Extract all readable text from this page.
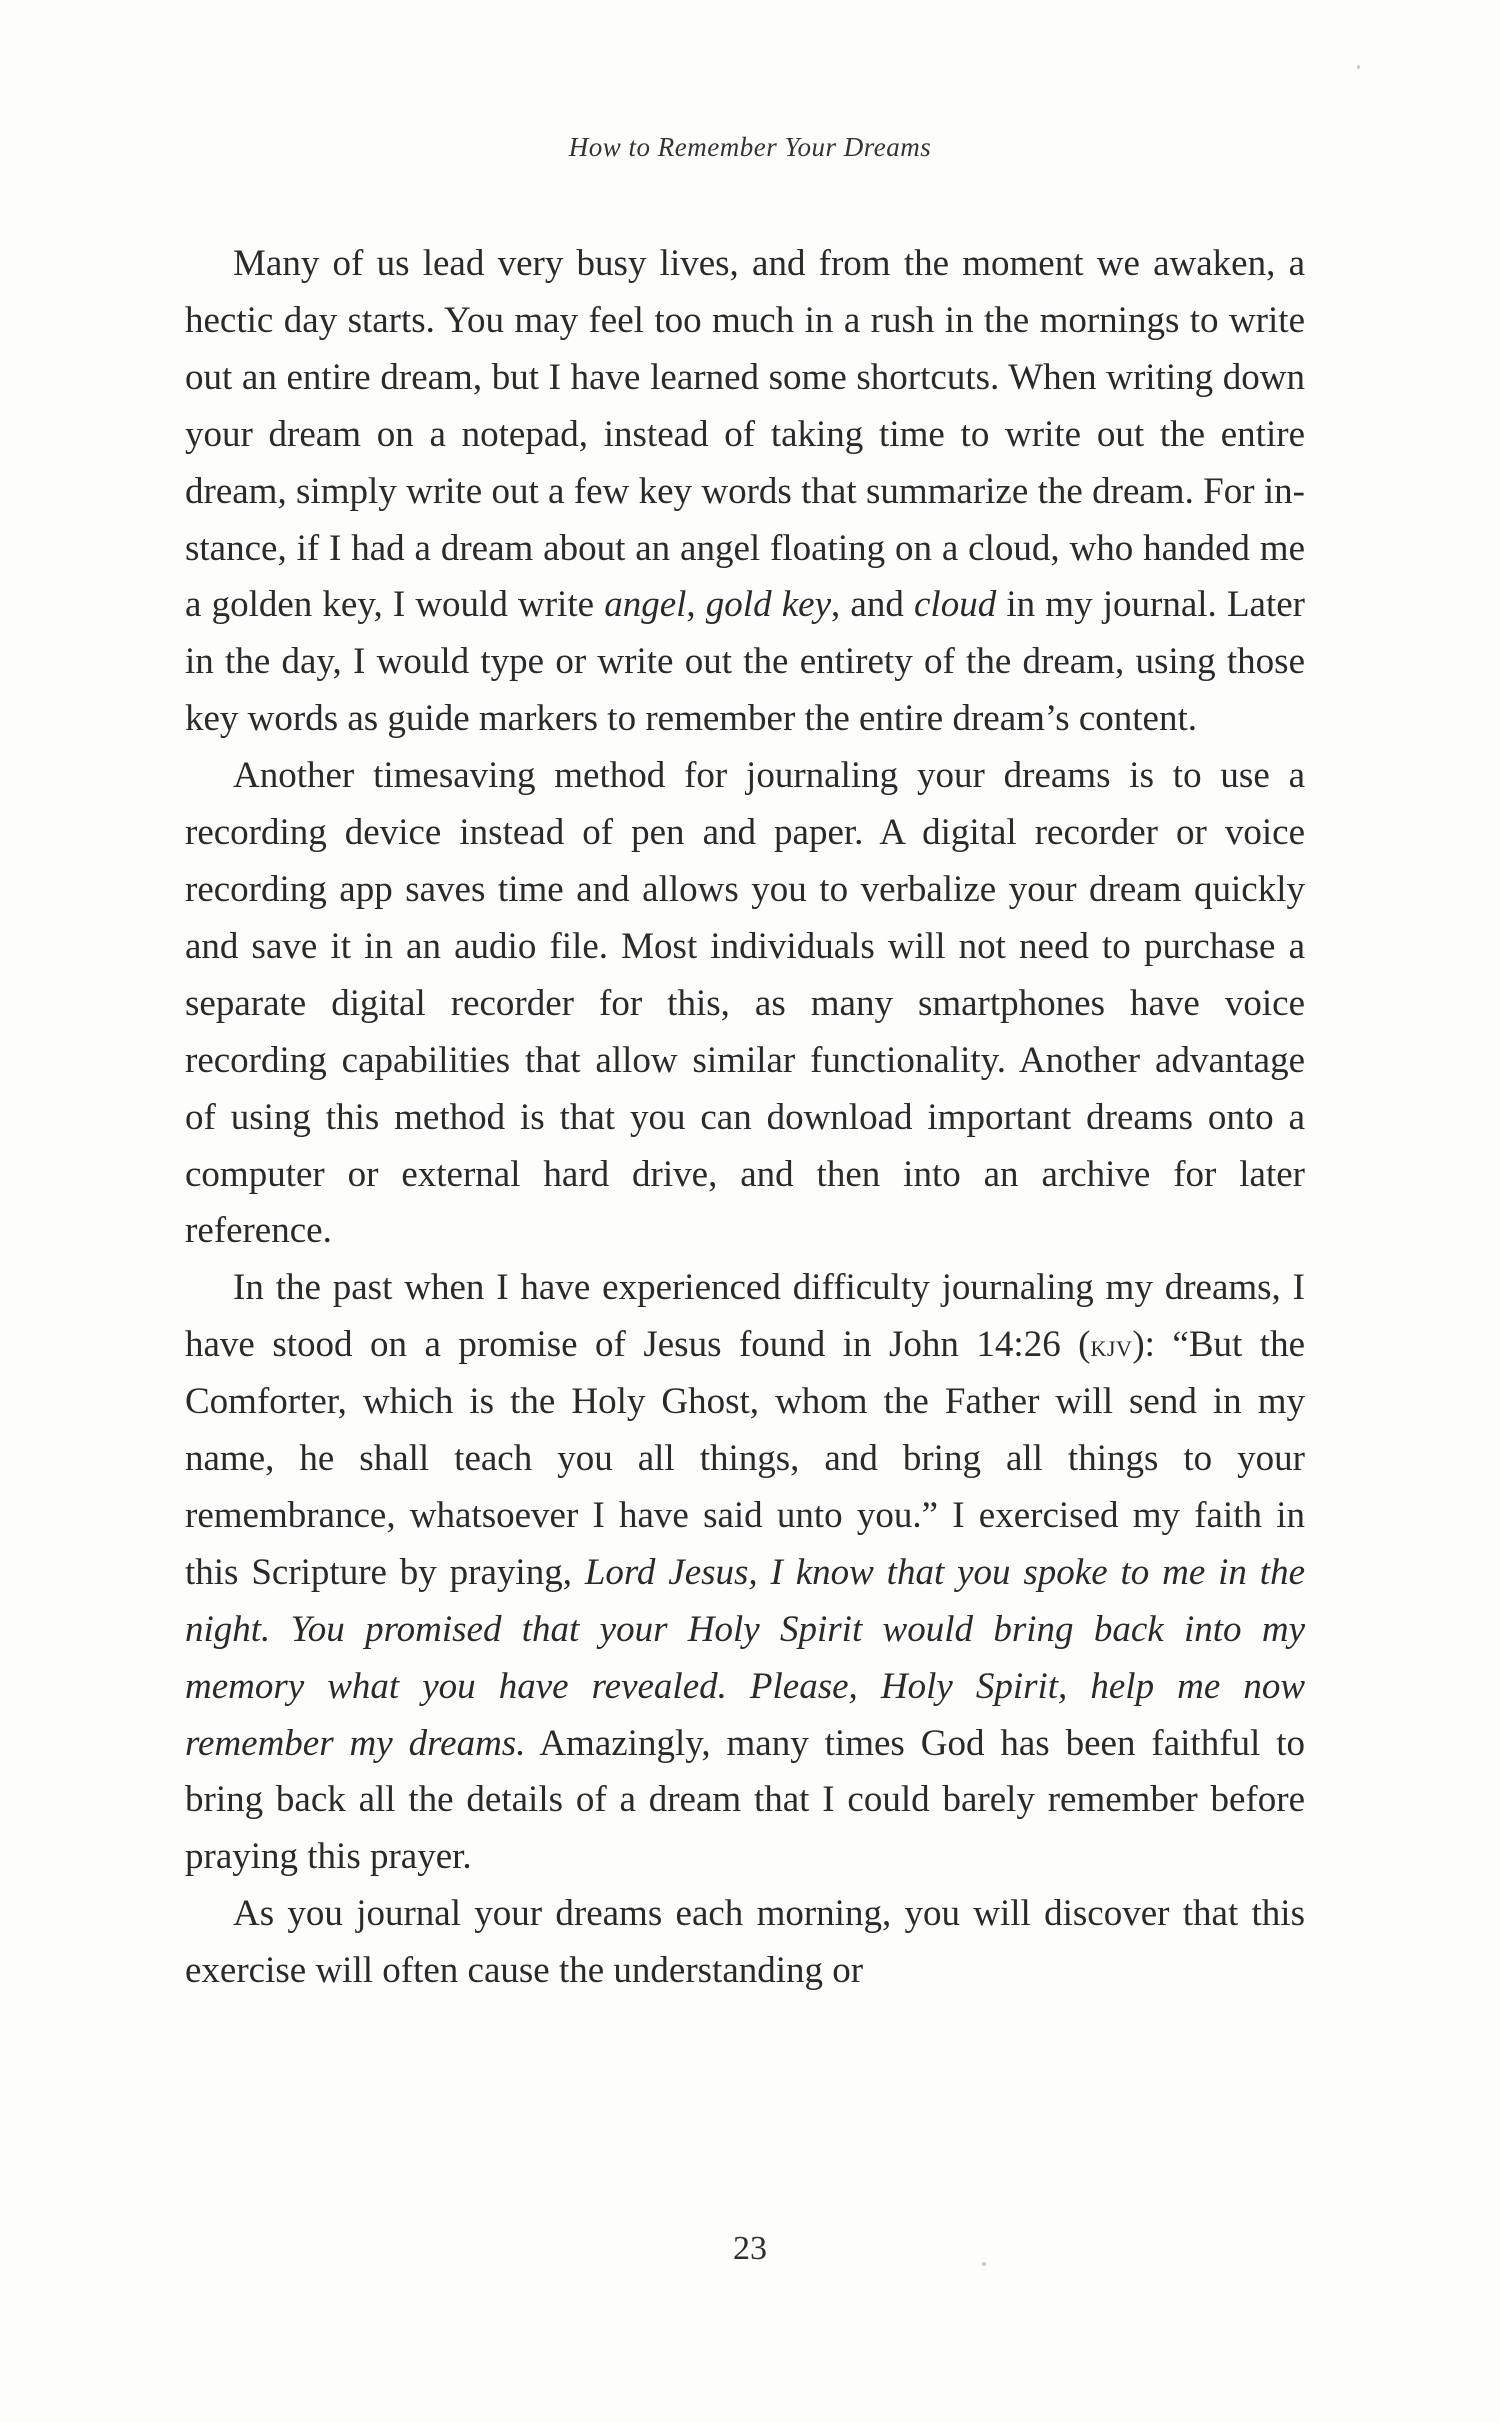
How to Remember Your Dreams

Many of us lead very busy lives, and from the moment we awaken, a hectic day starts. You may feel too much in a rush in the mornings to write out an entire dream, but I have learned some shortcuts. When writing down your dream on a notepad, instead of taking time to write out the entire dream, simply write out a few key words that summarize the dream. For instance, if I had a dream about an angel floating on a cloud, who handed me a golden key, I would write angel, gold key, and cloud in my journal. Later in the day, I would type or write out the entirety of the dream, using those key words as guide markers to remember the entire dream’s content.

Another timesaving method for journaling your dreams is to use a recording device instead of pen and paper. A digital recorder or voice recording app saves time and allows you to verbalize your dream quickly and save it in an audio file. Most individuals will not need to purchase a separate digital recorder for this, as many smartphones have voice recording capabilities that allow similar functionality. Another advantage of using this method is that you can download important dreams onto a computer or external hard drive, and then into an archive for later reference.

In the past when I have experienced difficulty journaling my dreams, I have stood on a promise of Jesus found in John 14:26 (kjv): “But the Comforter, which is the Holy Ghost, whom the Father will send in my name, he shall teach you all things, and bring all things to your remembrance, whatsoever I have said unto you.” I exercised my faith in this Scripture by praying, Lord Jesus, I know that you spoke to me in the night. You promised that your Holy Spirit would bring back into my memory what you have revealed. Please, Holy Spirit, help me now remember my dreams. Amazingly, many times God has been faithful to bring back all the details of a dream that I could barely remember before praying this prayer.

As you journal your dreams each morning, you will discover that this exercise will often cause the understanding or

23
